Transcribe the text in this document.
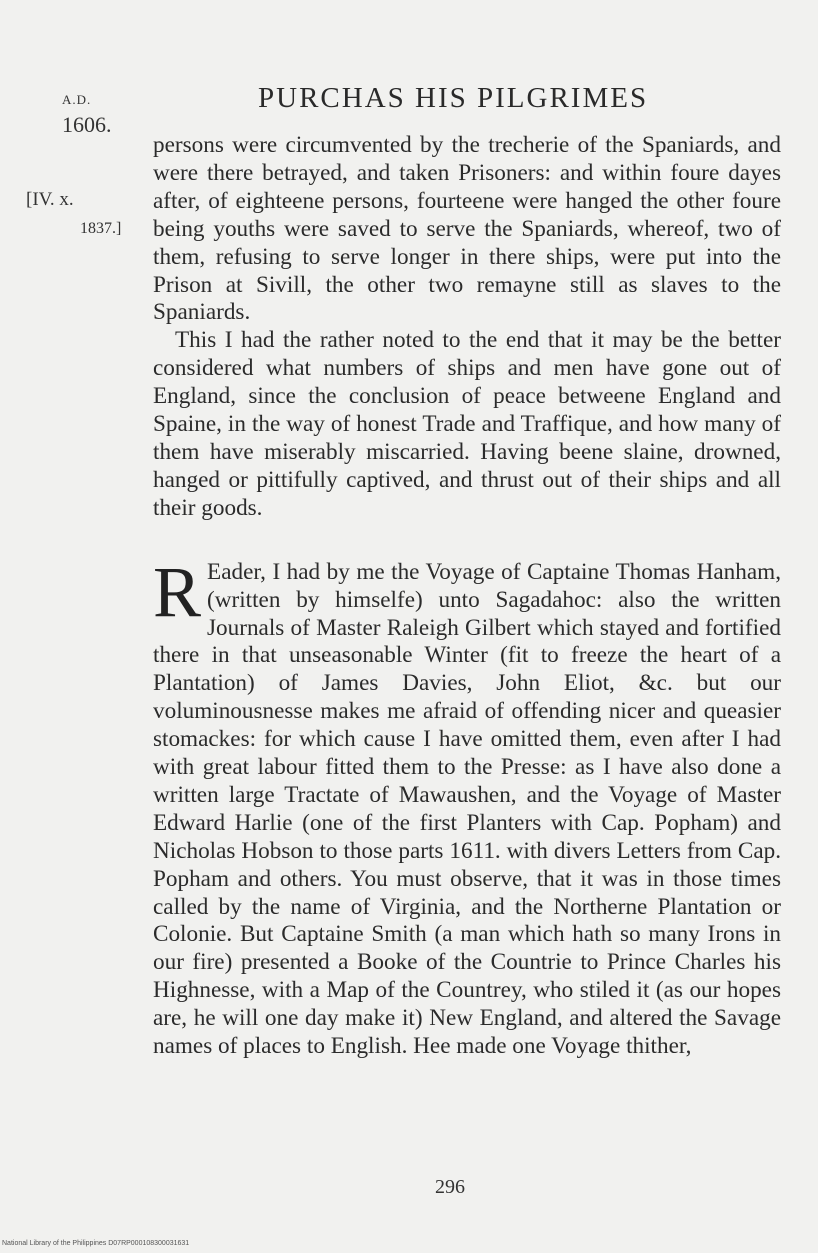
A.D.
1606.
PURCHAS HIS PILGRIMES
[IV. x.
1837.]

persons were circumvented by the trecherie of the Spaniards, and were there betrayed, and taken Prisoners: and within foure dayes after, of eighteene persons, fourteene were hanged the other foure being youths were saved to serve the Spaniards, whereof, two of them, refusing to serve longer in there ships, were put into the Prison at Sivill, the other two remayne still as slaves to the Spaniards.

This I had the rather noted to the end that it may be the better considered what numbers of ships and men have gone out of England, since the conclusion of peace betweene England and Spaine, in the way of honest Trade and Traffique, and how many of them have miserably miscarried. Having beene slaine, drowned, hanged or pittifully captived, and thrust out of their ships and all their goods.

R Eader, I had by me the Voyage of Captaine Thomas Hanham, (written by himselfe) unto Sagadahoc: also the written Journals of Master Raleigh Gilbert which stayed and fortified there in that unseasonable Winter (fit to freeze the heart of a Plantation) of James Davies, John Eliot, &c. but our voluminousnesse makes me afraid of offending nicer and queasier stomackes: for which cause I have omitted them, even after I had with great labour fitted them to the Presse: as I have also done a written large Tractate of Mawaushen, and the Voyage of Master Edward Harlie (one of the first Planters with Cap. Popham) and Nicholas Hobson to those parts 1611. with divers Letters from Cap. Popham and others. You must observe, that it was in those times called by the name of Virginia, and the Northerne Plantation or Colonie. But Captaine Smith (a man which hath so many Irons in our fire) presented a Booke of the Countrie to Prince Charles his Highnesse, with a Map of the Countrey, who stiled it (as our hopes are, he will one day make it) New England, and altered the Savage names of places to English. Hee made one Voyage thither,

296
National Library of the Philippines D07RP000108300031631
